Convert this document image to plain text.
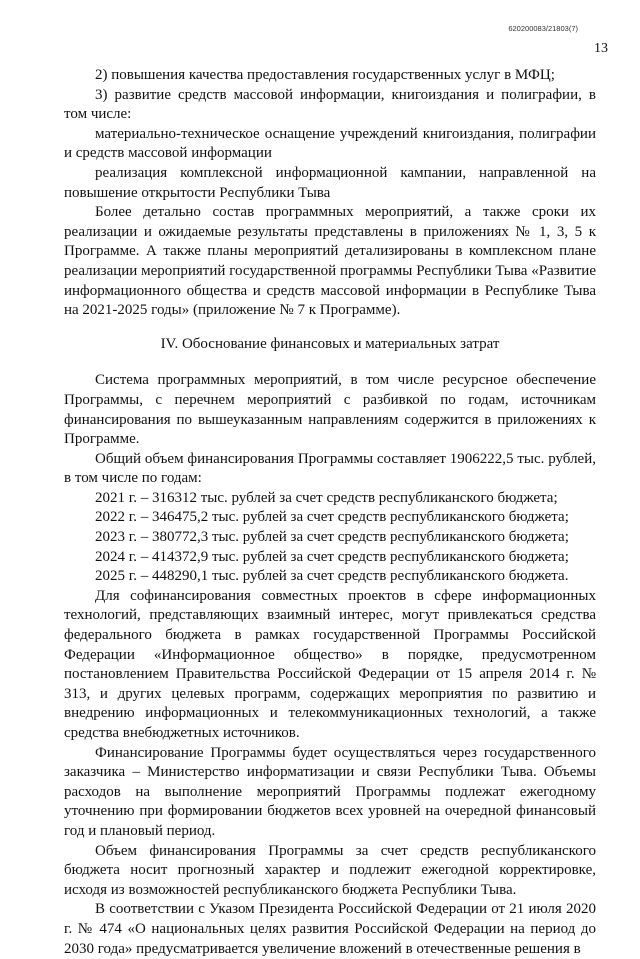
620200083/21803(7)
13

2) повышения качества предоставления государственных услуг в МФЦ;

3) развитие средств массовой информации, книгоиздания и полиграфии, в том числе:

материально-техническое оснащение учреждений книгоиздания, полиграфии и средств массовой информации

реализация комплексной информационной кампании, направленной на повышение открытости Республики Тыва

Более детально состав программных мероприятий, а также сроки их реализации и ожидаемые результаты представлены в приложениях № 1, 3, 5 к Программе. А также планы мероприятий детализированы в комплексном плане реализации мероприятий государственной программы Республики Тыва «Развитие информационного общества и средств массовой информации в Республике Тыва на 2021-2025 годы» (приложение № 7 к Программе).

IV. Обоснование финансовых и материальных затрат

Система программных мероприятий, в том числе ресурсное обеспечение Программы, с перечнем мероприятий с разбивкой по годам, источникам финансирования по вышеуказанным направлениям содержится в приложениях к Программе.

Общий объем финансирования Программы составляет 1906222,5 тыс. рублей, в том числе по годам:

2021 г. – 316312 тыс. рублей за счет средств республиканского бюджета;

2022 г. – 346475,2 тыс. рублей за счет средств республиканского бюджета;

2023 г. – 380772,3 тыс. рублей за счет средств республиканского бюджета;

2024 г. – 414372,9 тыс. рублей за счет средств республиканского бюджета;

2025 г. – 448290,1 тыс. рублей за счет средств республиканского бюджета.

Для софинансирования совместных проектов в сфере информационных технологий, представляющих взаимный интерес, могут привлекаться средства федерального бюджета в рамках государственной Программы Российской Федерации «Информационное общество» в порядке, предусмотренном постановлением Правительства Российской Федерации от 15 апреля 2014 г. № 313, и других целевых программ, содержащих мероприятия по развитию и внедрению информационных и телекоммуникационных технологий, а также средства внебюджетных источников.

Финансирование Программы будет осуществляться через государственного заказчика – Министерство информатизации и связи Республики Тыва. Объемы расходов на выполнение мероприятий Программы подлежат ежегодному уточнению при формировании бюджетов всех уровней на очередной финансовый год и плановый период.

Объем финансирования Программы за счет средств республиканского бюджета носит прогнозный характер и подлежит ежегодной корректировке, исходя из возможностей республиканского бюджета Республики Тыва.

В соответствии с Указом Президента Российской Федерации от 21 июля 2020 г. № 474 «О национальных целях развития Российской Федерации на период до 2030 года» предусматривается увеличение вложений в отечественные решения в
